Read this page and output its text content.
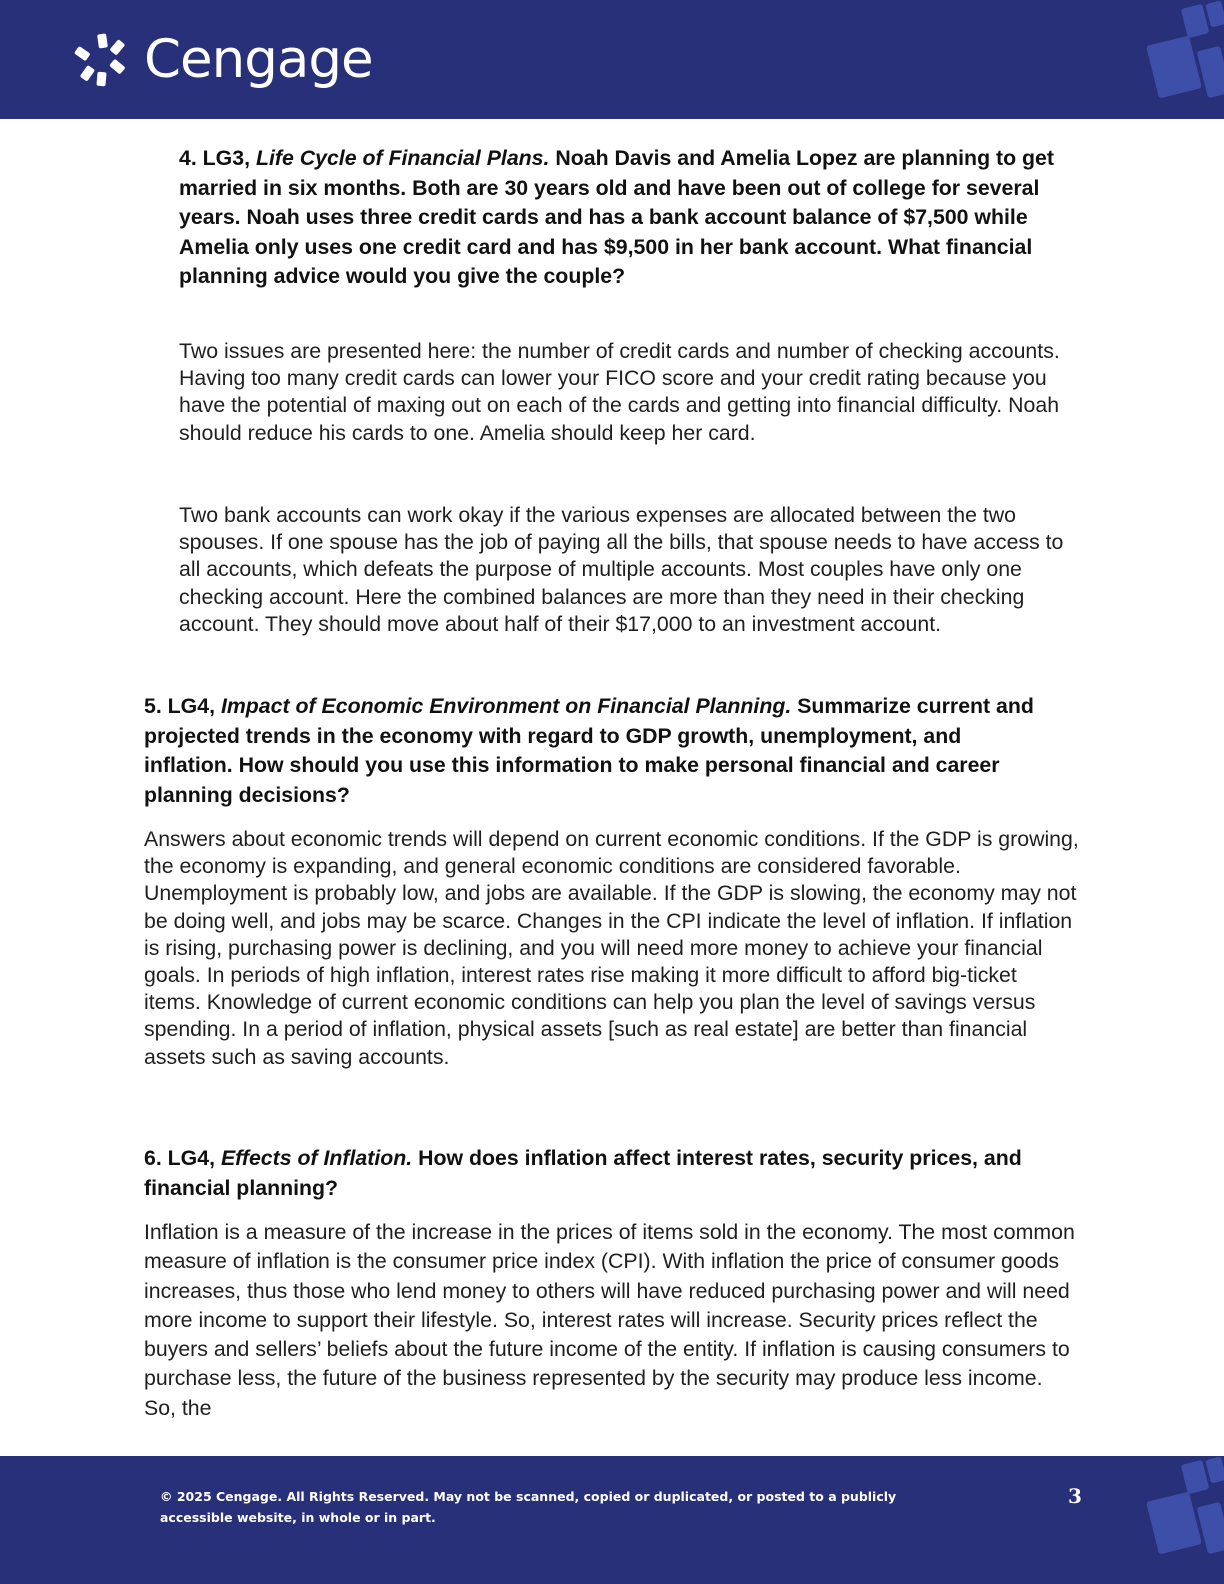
Cengage

4. LG3, Life Cycle of Financial Plans. Noah Davis and Amelia Lopez are planning to get married in six months. Both are 30 years old and have been out of college for several years. Noah uses three credit cards and has a bank account balance of $7,500 while Amelia only uses one credit card and has $9,500 in her bank account. What financial planning advice would you give the couple?

Two issues are presented here: the number of credit cards and number of checking accounts. Having too many credit cards can lower your FICO score and your credit rating because you have the potential of maxing out on each of the cards and getting into financial difficulty. Noah should reduce his cards to one. Amelia should keep her card.

Two bank accounts can work okay if the various expenses are allocated between the two spouses. If one spouse has the job of paying all the bills, that spouse needs to have access to all accounts, which defeats the purpose of multiple accounts. Most couples have only one checking account. Here the combined balances are more than they need in their checking account. They should move about half of their $17,000 to an investment account.

5. LG4, Impact of Economic Environment on Financial Planning. Summarize current and projected trends in the economy with regard to GDP growth, unemployment, and inflation. How should you use this information to make personal financial and career planning decisions?

Answers about economic trends will depend on current economic conditions. If the GDP is growing, the economy is expanding, and general economic conditions are considered favorable. Unemployment is probably low, and jobs are available. If the GDP is slowing, the economy may not be doing well, and jobs may be scarce. Changes in the CPI indicate the level of inflation. If inflation is rising, purchasing power is declining, and you will need more money to achieve your financial goals. In periods of high inflation, interest rates rise making it more difficult to afford big-ticket items. Knowledge of current economic conditions can help you plan the level of savings versus spending. In a period of inflation, physical assets [such as real estate] are better than financial assets such as saving accounts.

6. LG4, Effects of Inflation. How does inflation affect interest rates, security prices, and financial planning?

Inflation is a measure of the increase in the prices of items sold in the economy. The most common measure of inflation is the consumer price index (CPI). With inflation the price of consumer goods increases, thus those who lend money to others will have reduced purchasing power and will need more income to support their lifestyle. So, interest rates will increase. Security prices reflect the buyers and sellers’ beliefs about the future income of the entity. If inflation is causing consumers to purchase less, the future of the business represented by the security may produce less income. So, the

© 2025 Cengage. All Rights Reserved. May not be scanned, copied or duplicated, or posted to a publicly accessible website, in whole or in part.
3
